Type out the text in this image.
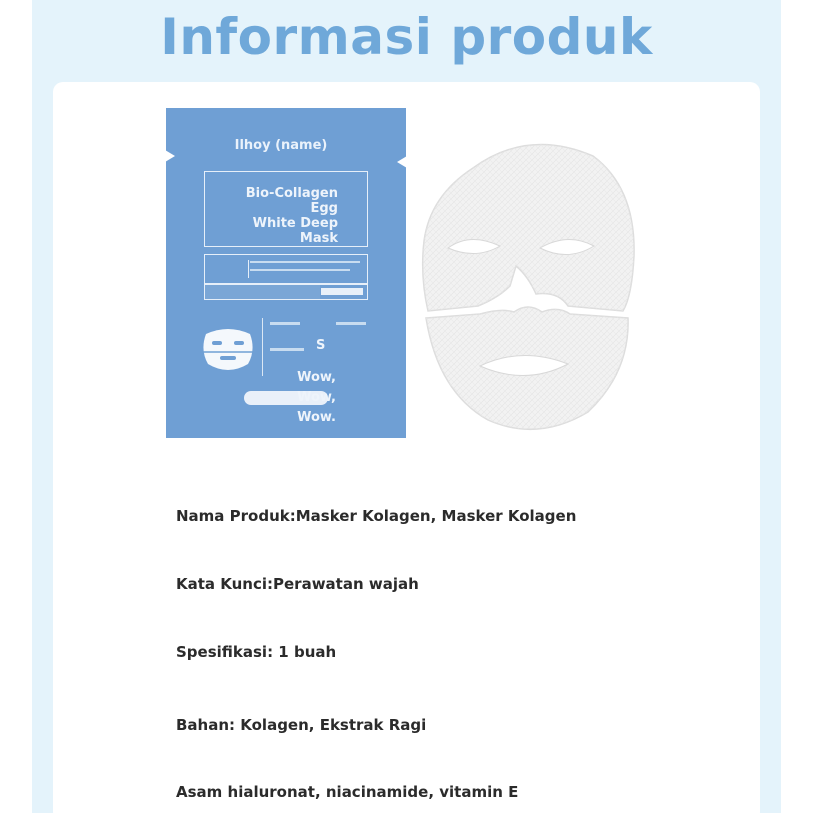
Informasi produk
Ilhoy (name)
Bio-Collagen
Egg
White Deep
Mask
S
Wow,
Wow, Wow.
Nama Produk:Masker Kolagen, Masker Kolagen
Kata Kunci:Perawatan wajah
Spesifikasi: 1 buah
Bahan: Kolagen, Ekstrak Ragi
Asam hialuronat, niacinamide, vitamin E
